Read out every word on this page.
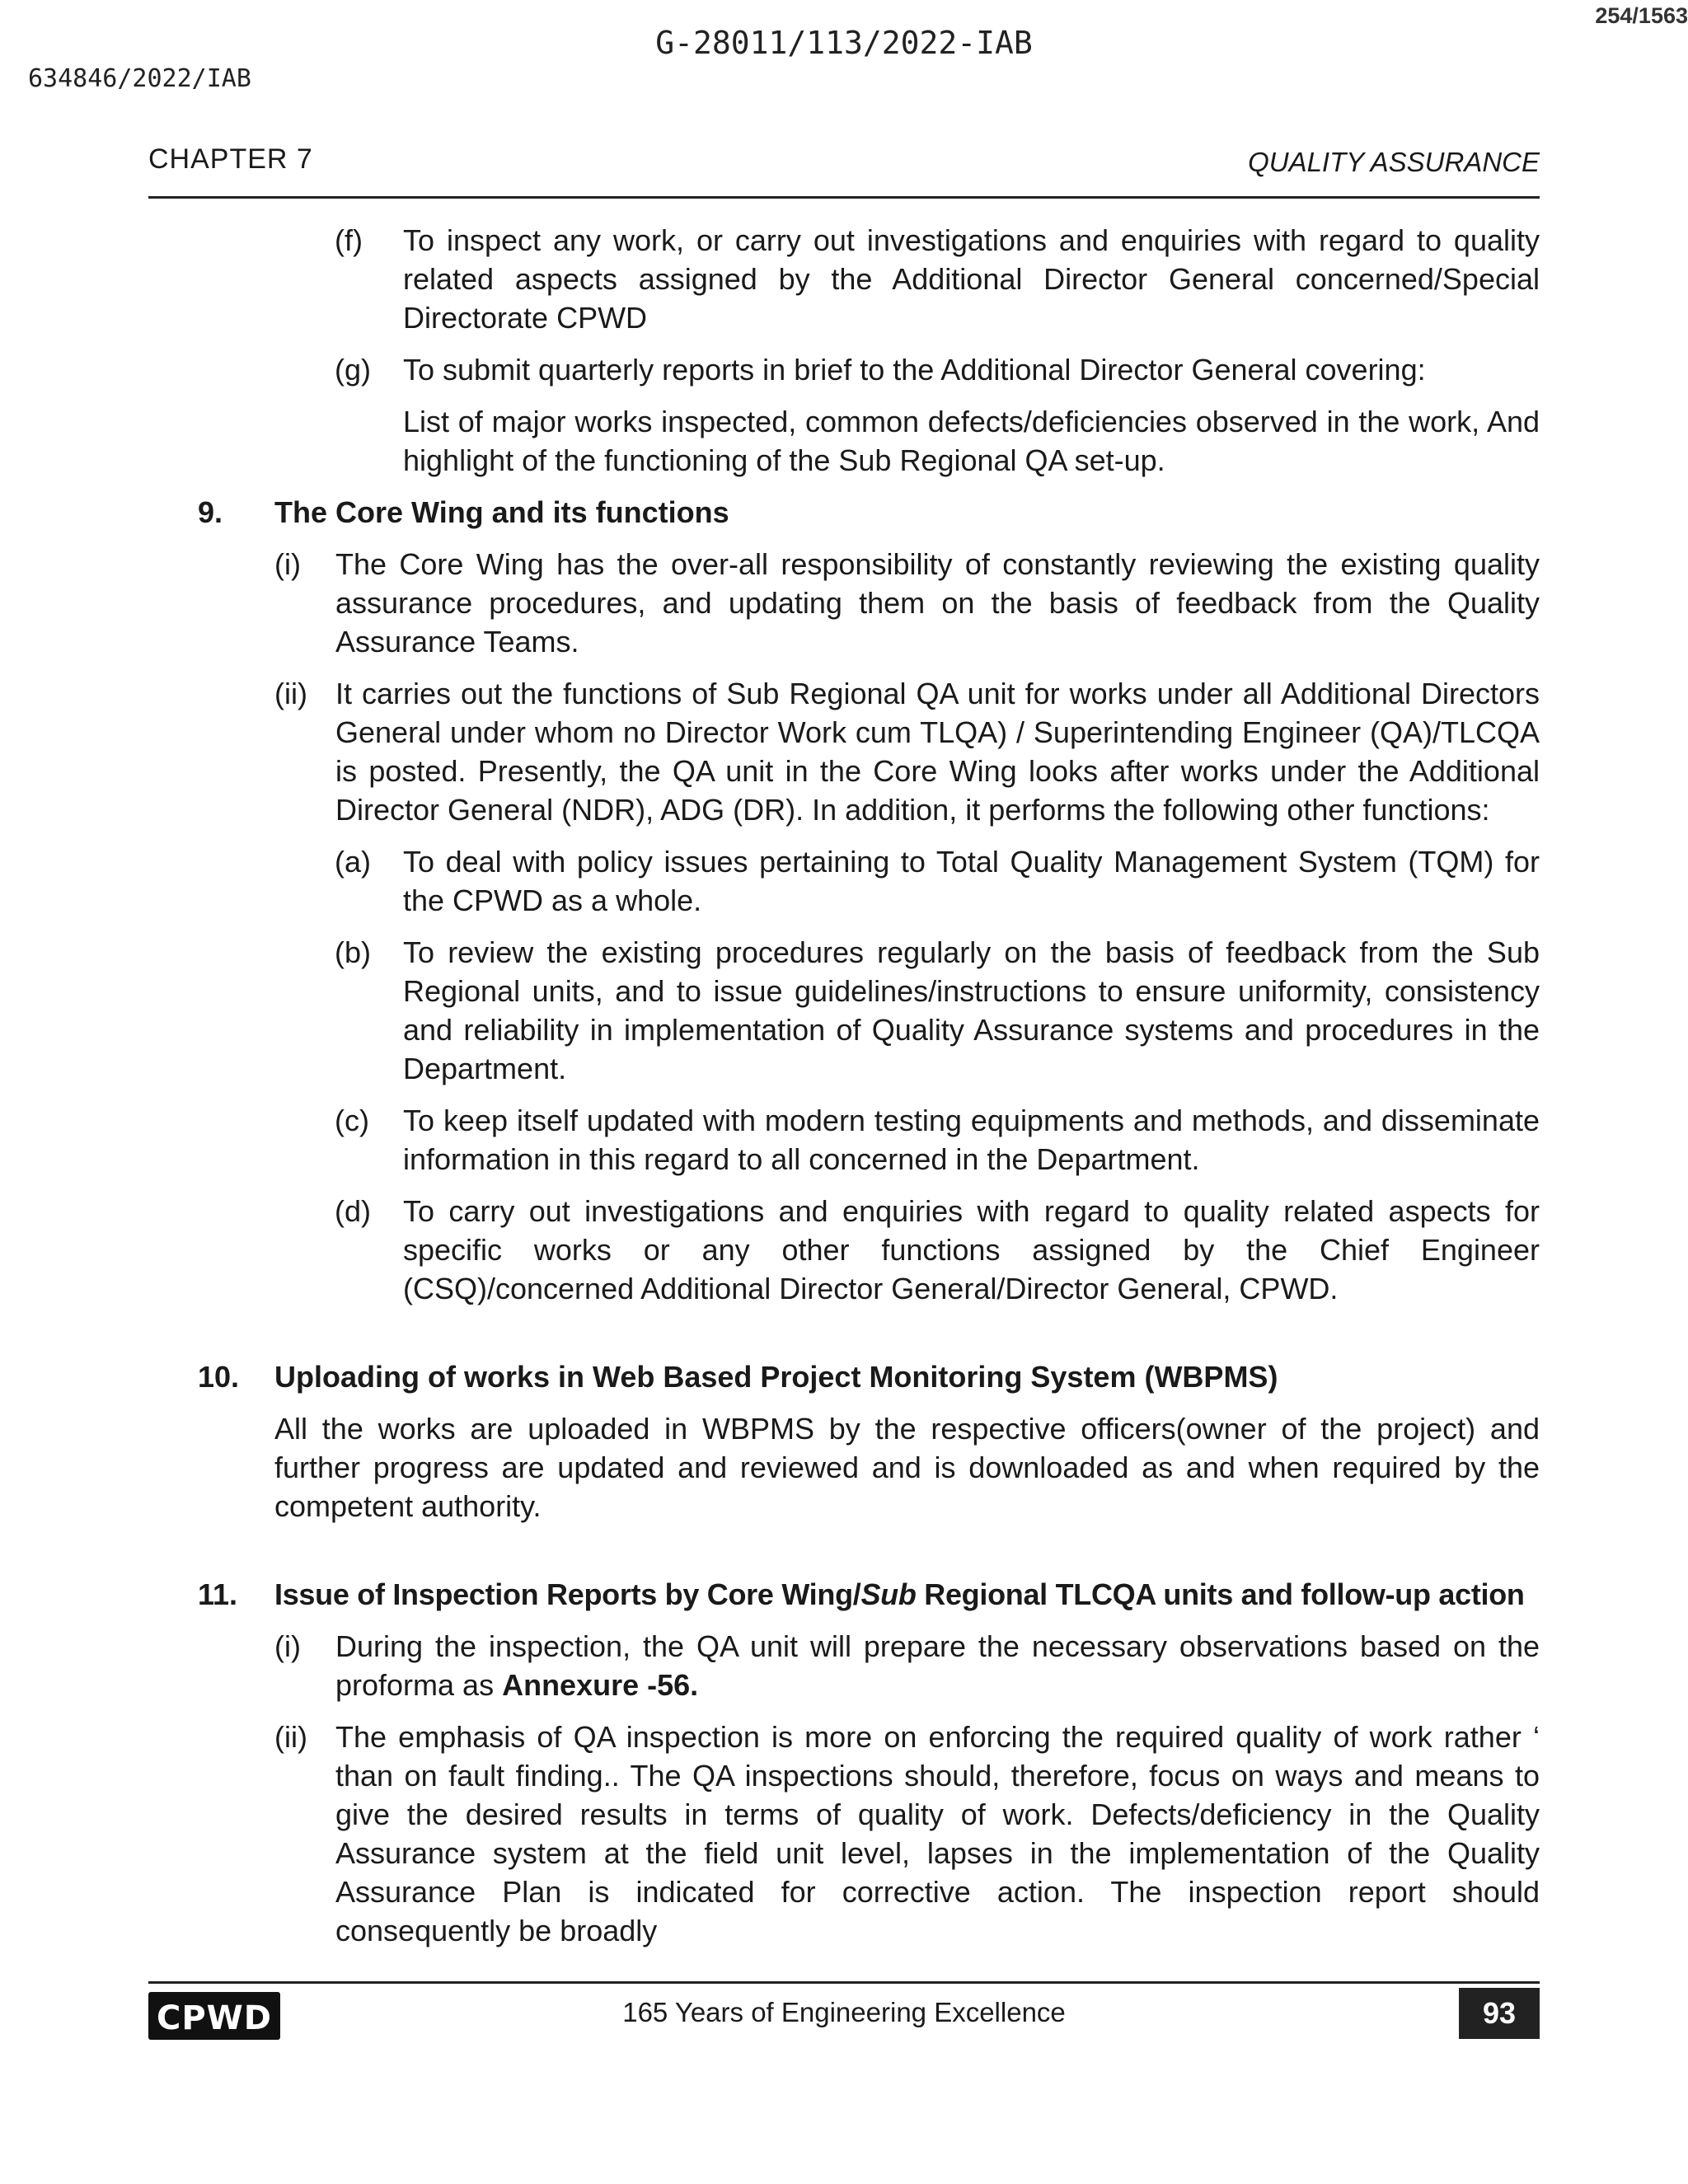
254/1563
G-28011/113/2022-IAB
634846/2022/IAB
CHAPTER 7	QUALITY ASSURANCE
(f) To inspect any work, or carry out investigations and enquiries with regard to quality related aspects assigned by the Additional Director General concerned/Special Directorate CPWD
(g) To submit quarterly reports in brief to the Additional Director General covering:
List of major works inspected, common defects/deficiencies observed in the work, And highlight of the functioning of the Sub Regional QA set-up.
9. The Core Wing and its functions
(i) The Core Wing has the over-all responsibility of constantly reviewing the existing quality assurance procedures, and updating them on the basis of feedback from the Quality Assurance Teams.
(ii) It carries out the functions of Sub Regional QA unit for works under all Additional Directors General under whom no Director Work cum TLQA) / Superintending Engineer (QA)/TLCQA is posted. Presently, the QA unit in the Core Wing looks after works under the Additional Director General (NDR), ADG (DR). In addition, it performs the following other functions:
(a) To deal with policy issues pertaining to Total Quality Management System (TQM) for the CPWD as a whole.
(b) To review the existing procedures regularly on the basis of feedback from the Sub Regional units, and to issue guidelines/instructions to ensure uniformity, consistency and reliability in implementation of Quality Assurance systems and procedures in the Department.
(c) To keep itself updated with modern testing equipments and methods, and disseminate information in this regard to all concerned in the Department.
(d) To carry out investigations and enquiries with regard to quality related aspects for specific works or any other functions assigned by the Chief Engineer (CSQ)/concerned Additional Director General/Director General, CPWD.
10. Uploading of works in Web Based Project Monitoring System (WBPMS)
All the works are uploaded in WBPMS by the respective officers(owner of the project) and further progress are updated and reviewed and is downloaded as and when required by the competent authority.
11. Issue of Inspection Reports by Core Wing/Sub Regional TLCQA units and follow-up action
(i) During the inspection, the QA unit will prepare the necessary observations based on the proforma as Annexure -56.
(ii) The emphasis of QA inspection is more on enforcing the required quality of work rather ‘ than on fault finding.. The QA inspections should, therefore, focus on ways and means to give the desired results in terms of quality of work. Defects/deficiency in the Quality Assurance system at the field unit level, lapses in the implementation of the Quality Assurance Plan is indicated for corrective action. The inspection report should consequently be broadly
CPWD	165 Years of Engineering Excellence	93
